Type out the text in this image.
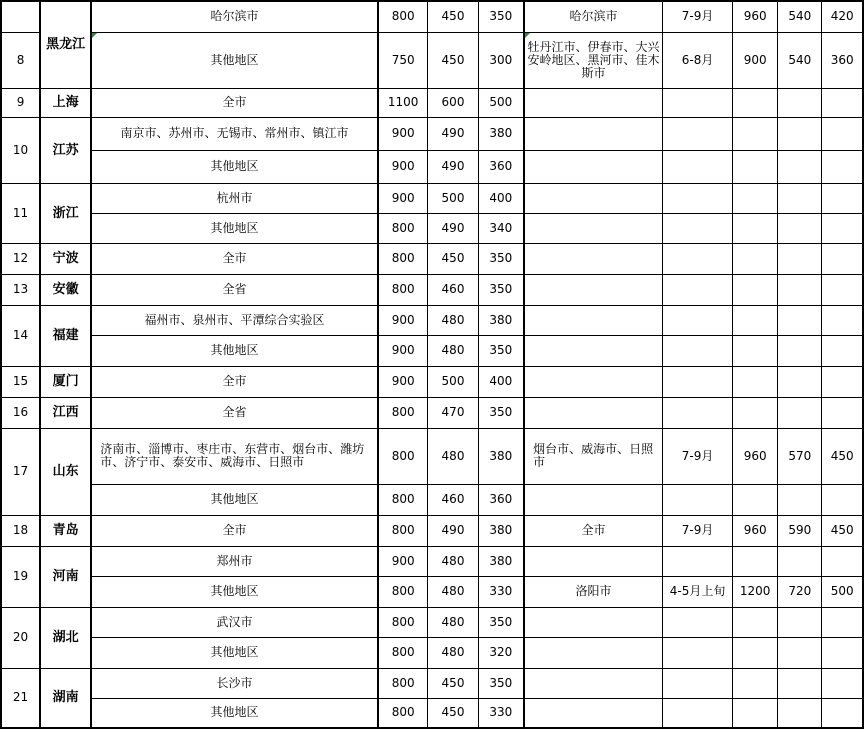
	黑龙江	哈尔滨市	800	450	350	哈尔滨市	7-9月	960	540	420
8		其他地区	750	450	300	牡丹江市、伊春市、大兴安岭地区、黑河市、佳木斯市	6-8月	900	540	360
9	上海	全市	1100	600	500					
10	江苏	南京市、苏州市、无锡市、常州市、镇江市	900	490	380					
		其他地区	900	490	360					
11	浙江	杭州市	900	500	400					
		其他地区	800	490	340					
12	宁波	全市	800	450	350					
13	安徽	全省	800	460	350					
14	福建	福州市、泉州市、平潭综合实验区	900	480	380					
		其他地区	900	480	350					
15	厦门	全市	900	500	400					
16	江西	全省	800	470	350					
17	山东	济南市、淄博市、枣庄市、东营市、烟台市、潍坊市、济宁市、泰安市、威海市、日照市	800	480	380	烟台市、威海市、日照市	7-9月	960	570	450
		其他地区	800	460	360					
18	青岛	全市	800	490	380	全市	7-9月	960	590	450
19	河南	郑州市	900	480	380					
		其他地区	800	480	330	洛阳市	4-5月上旬	1200	720	500
20	湖北	武汉市	800	480	350					
		其他地区	800	480	320					
21	湖南	长沙市	800	450	350					
		其他地区	800	450	330					
